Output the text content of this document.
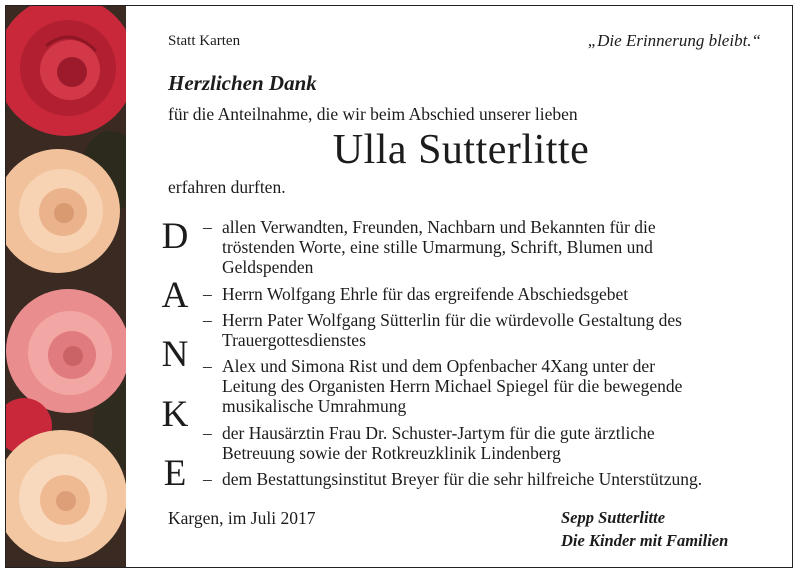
Statt Karten	„Die Erinnerung bleibt.“
Herzlichen Dank
für die Anteilnahme, die wir beim Abschied unserer lieben
Ulla Sutterlitte
erfahren durften.
D
A
N
K
E
– allen Verwandten, Freunden, Nachbarn und Bekannten für die
tröstenden Worte, eine stille Umarmung, Schrift, Blumen und
Geldspenden
– Herrn Wolfgang Ehrle für das ergreifende Abschiedsgebet
– Herrn Pater Wolfgang Sütterlin für die würdevolle Gestaltung des
Trauergottesdienstes
– Alex und Simona Rist und dem Opfenbacher 4Xang unter der
Leitung des Organisten Herrn Michael Spiegel für die bewegende
musikalische Umrahmung
– der Hausärztin Frau Dr. Schuster-Jartym für die gute ärztliche
Betreuung sowie der Rotkreuzklinik Lindenberg
– dem Bestattungsinstitut Breyer für die sehr hilfreiche Unterstützung.
Kargen, im Juli 2017	Sepp Sutterlitte
Die Kinder mit Familien
